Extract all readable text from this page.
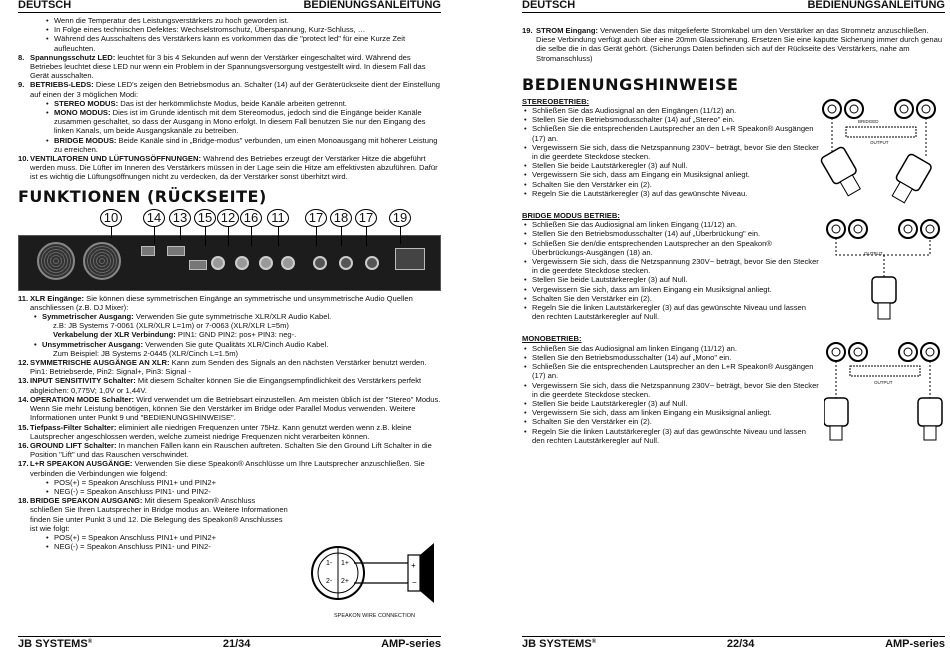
DEUTSCH	BEDIENUNGSANLEITUNG
• Wenn die Temperatur des Leistungsverstärkers zu hoch geworden ist.
• In Folge eines technischen Defektes: Wechselstromschutz, Überspannung, Kurz-Schluss, …
• Während des Ausschaltens des Verstärkers kann es vorkommen das die "protect led" für eine Kurze Zeit aufleuchten.
8. Spannungsschutz LED: leuchtet für 3 bis 4 Sekunden auf wenn der Verstärker eingeschaltet wird. Während des Betriebes leuchtet diese LED nur wenn ein Problem in der Spannungsversorgung vestgestellt wird. In diesem Fall das Gerät ausschalten.
9. BETRIEBS-LEDS: Diese LED's zeigen den Betriebsmodus an. Schalter (14) auf der Geräterückseite dient der Einstellung auf einen der 3 möglichen Modi:
• STEREO MODUS: Das ist der herkömmlichste Modus, beide Kanäle arbeiten getrennt.
• MONO MODUS: Dies ist im Grunde identisch mit dem Stereomodus, jedoch sind die Eingänge beider Kanäle zusammen geschaltet, so dass der Ausgang in Mono erfolgt. In diesem Fall benutzen Sie nur den Eingang des linken Kanals, um beide Ausgangskanäle zu betreiben.
• BRIDGE MODUS: Beide Kanäle sind in „Bridge-modus" verbunden, um einen Monoausgang mit höherer Leistung zu erreichen.
10. VENTILATOREN UND LÜFTUNGSÖFFNUNGEN: Während des Betriebes erzeugt der Verstärker Hitze die abgeführt werden muss. Die Lüfter im Inneren des Verstärkers müssen in der Lage sein die Hitze am effektivsten abzuführen. Dafür ist es wichtig die Lüftungsöffnungen nicht zu verdecken, da der Verstärker sonst überhitzt wird.
FUNKTIONEN (RÜCKSEITE)
10 14 13 15 12 16	11	17 18 17 19
11. XLR Eingänge: Sie können diese symmetrischen Eingänge an symmetrische und unsymmetrische Audio Quellen anschliessen (z.B. DJ Mixer):
• Symmetrischer Ausgang: Verwenden Sie gute symmetrische XLR/XLR Audio Kabel.
z.B: JB Systems 7-0061 (XLR/XLR L=1m) or 7-0063 (XLR/XLR L=5m)
Verkabelung der XLR Verbindung: PIN1: GND PIN2: pos+ PIN3: neg-.
• Unsymmetrischer Ausgang: Verwenden Sie gute Qualitäts XLR/Cinch Audio Kabel.
Zum Beispiel: JB Systems 2-0445 (XLR/Cinch L=1.5m)
12. SYMMETRISCHE AUSGÄNGE AN XLR: Kann zum Senden des Signals an den nächsten Verstärker benutzt werden. Pin1: Betriebserde, Pin2: Signal+, Pin3: Signal -
13. INPUT SENSITIVITY Schalter: Mit diesem Schalter können Sie die Eingangsempfindlichkeit des Verstärkers perfekt abgleichen: 0,775V; 1,0V or 1,44V.
14. OPERATION MODE Schalter: Wird verwendet um die Betriebsart einzustellen. Am meisten üblich ist der "Stereo" Modus. Wenn Sie mehr Leistung benötigen, können Sie den Verstärker im Bridge oder Parallel Modus verwenden. Weitere Informationen unter Punkt 9 und "BEDIENUNGSHINWEISE".
15. Tiefpass-Filter Schalter: eliminiert alle niedrigen Frequenzen unter 75Hz. Kann genutzt werden wenn z.B. kleine Lautsprecher angeschlossen werden, welche zumeist niedrige Frequenzen nicht verarbeiten können.
16. GROUND LIFT Schalter: In manchen Fällen kann ein Rauschen auftreten. Schalten Sie den Ground Lift Schalter in die Position "Lift" und das Rauschen verschwindet.
17. L+R SPEAKON AUSGÄNGE: Verwenden Sie diese Speakon® Anschlüsse um Ihre Lautsprecher anzuschließen. Sie verbinden die Verbindungen wie folgend:
• POS(+) = Speakon Anschluss PIN1+ und PIN2+
• NEG(-) = Speakon Anschluss PIN1- und PIN2-
18. BRIDGE SPEAKON AUSGANG: Mit diesem Speakon® Anschluss schließen Sie Ihren Lautsprecher in Bridge modus an. Weitere Informationen finden Sie unter Punkt 3 und 12. Die Belegung des Speakon® Anschlusses ist wie folgt:
• POS(+) = Speakon Anschluss PIN1+ und PIN2+
• NEG(-) = Speakon Anschluss PIN1- und PIN2-
1- 1+
2- 2+
+
−
SPEAKON WIRE CONNECTION
JB SYSTEMS®	21/34	AMP-series
DEUTSCH	BEDIENUNGSANLEITUNG
19. STROM Eingang: Verwenden Sie das mitgelieferte Stromkabel um den Verstärker an das Stromnetz anzuschließen. Diese Verbindung verfügt auch über eine 20mm Glassicherung. Ersetzen Sie eine kaputte Sicherung immer durch genau die selbe die in das Gerät gehört. (Sicherungs Daten befinden sich auf der Rückseite des Verstärkers, nahe am Stromanschluss)
BEDIENUNGSHINWEISE
STEREOBETRIEB:
• Schließen Sie das Audiosignal an den Eingängen (11/12) an.
• Stellen Sie den Betriebsmodusschalter (14) auf „Stereo" ein.
• Schließen Sie die entsprechenden Lautsprecher an den L+R Speakon® Ausgängen (17) an.
• Vergewissern Sie sich, dass die Netzspannung 230V~ beträgt, bevor Sie den Stecker in die geerdete Steckdose stecken.
• Stellen Sie beide Lautstärkeregler (3) auf Null.
• Vergewissern Sie sich, dass am Eingang ein Musiksignal anliegt.
• Schalten Sie den Verstärker ein (2).
• Regeln Sie die Lautstärkeregler (3) auf das gewünschte Niveau.
BRIDGED
OUTPUT
BRIDGE MODUS BETRIEB:
• Schließen Sie das Audiosignal am linken Eingang (11/12) an.
• Stellen Sie den Betriebsmodusschalter (14) auf „Überbrückung" ein.
• Schließen Sie den/die entsprechenden Lautsprecher an den Speakon® Überbrückungs-Ausgängen (18) an.
• Vergewissern Sie sich, dass die Netzspannung 230V~ beträgt, bevor Sie den Stecker in die geerdete Steckdose stecken.
• Stellen Sie beide Lautstärkeregler (3) auf Null.
• Vergewissern Sie sich, dass am linken Eingang ein Musiksignal anliegt.
• Schalten Sie den Verstärker ein (2).
• Regeln Sie die linken Lautstärkeregler (3) auf das gewünschte Niveau und lassen den rechten Lautstärkeregler auf Null.
OUTPUT
MONOBETRIEB:
• Schließen Sie das Audiosignal am linken Eingang (11/12) an.
• Stellen Sie den Betriebsmodusschalter (14) auf „Mono" ein.
• Schließen Sie die entsprechenden Lautsprecher an den L+R Speakon® Ausgängen (17) an.
• Vergewissern Sie sich, dass die Netzspannung 230V~ beträgt, bevor Sie den Stecker in die geerdete Steckdose stecken.
• Stellen Sie beide Lautstärkeregler (3) auf Null.
• Vergewissern Sie sich, dass am linken Eingang ein Musiksignal anliegt.
• Schalten Sie den Verstärker ein (2).
• Regeln Sie die linken Lautstärkeregler (3) auf das gewünschte Niveau und lassen den rechten Lautstärkeregler auf Null.
OUTPUT
JB SYSTEMS®	22/34	AMP-series
